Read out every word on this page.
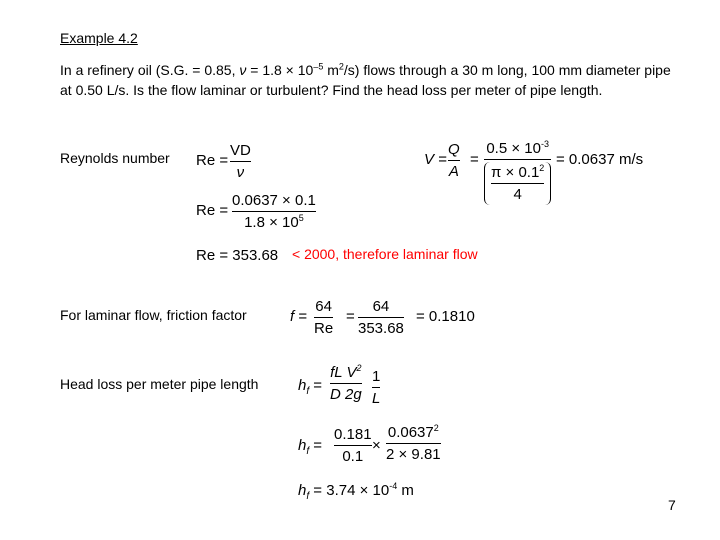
Example 4.2
In a refinery oil (S.G. = 0.85, $\nu = 1.8 \times 10^{-5}$ $m^2/s$) flows through a 30 m long, 100 mm diameter pipe at 0.50 L/s. Is the flow laminar or turbulent? Find the head loss per meter of pipe length.
Reynolds number Re =
VD
ν
V =
Q
A
=
$0.5 \times 10^{-3}$
$\pi \times 0.1^2$
4
= 0.0637 m/s
Re =
0.0637 × 0.1
$1.8 \times 10^5$
Re = 353.68 < 2000, therefore laminar flow
For laminar flow, friction factor	f =
64
Re
=
64
353.68
= 0.1810
Head loss per meter pipe length	$h_f$ =
fL $V^2$
D 2g
1
L
$h_f$ =
0.181
0.1
×
$0.0637^2$
2 × 9.81
$h_f = 3.74 \times 10^{-4}$ m
7
